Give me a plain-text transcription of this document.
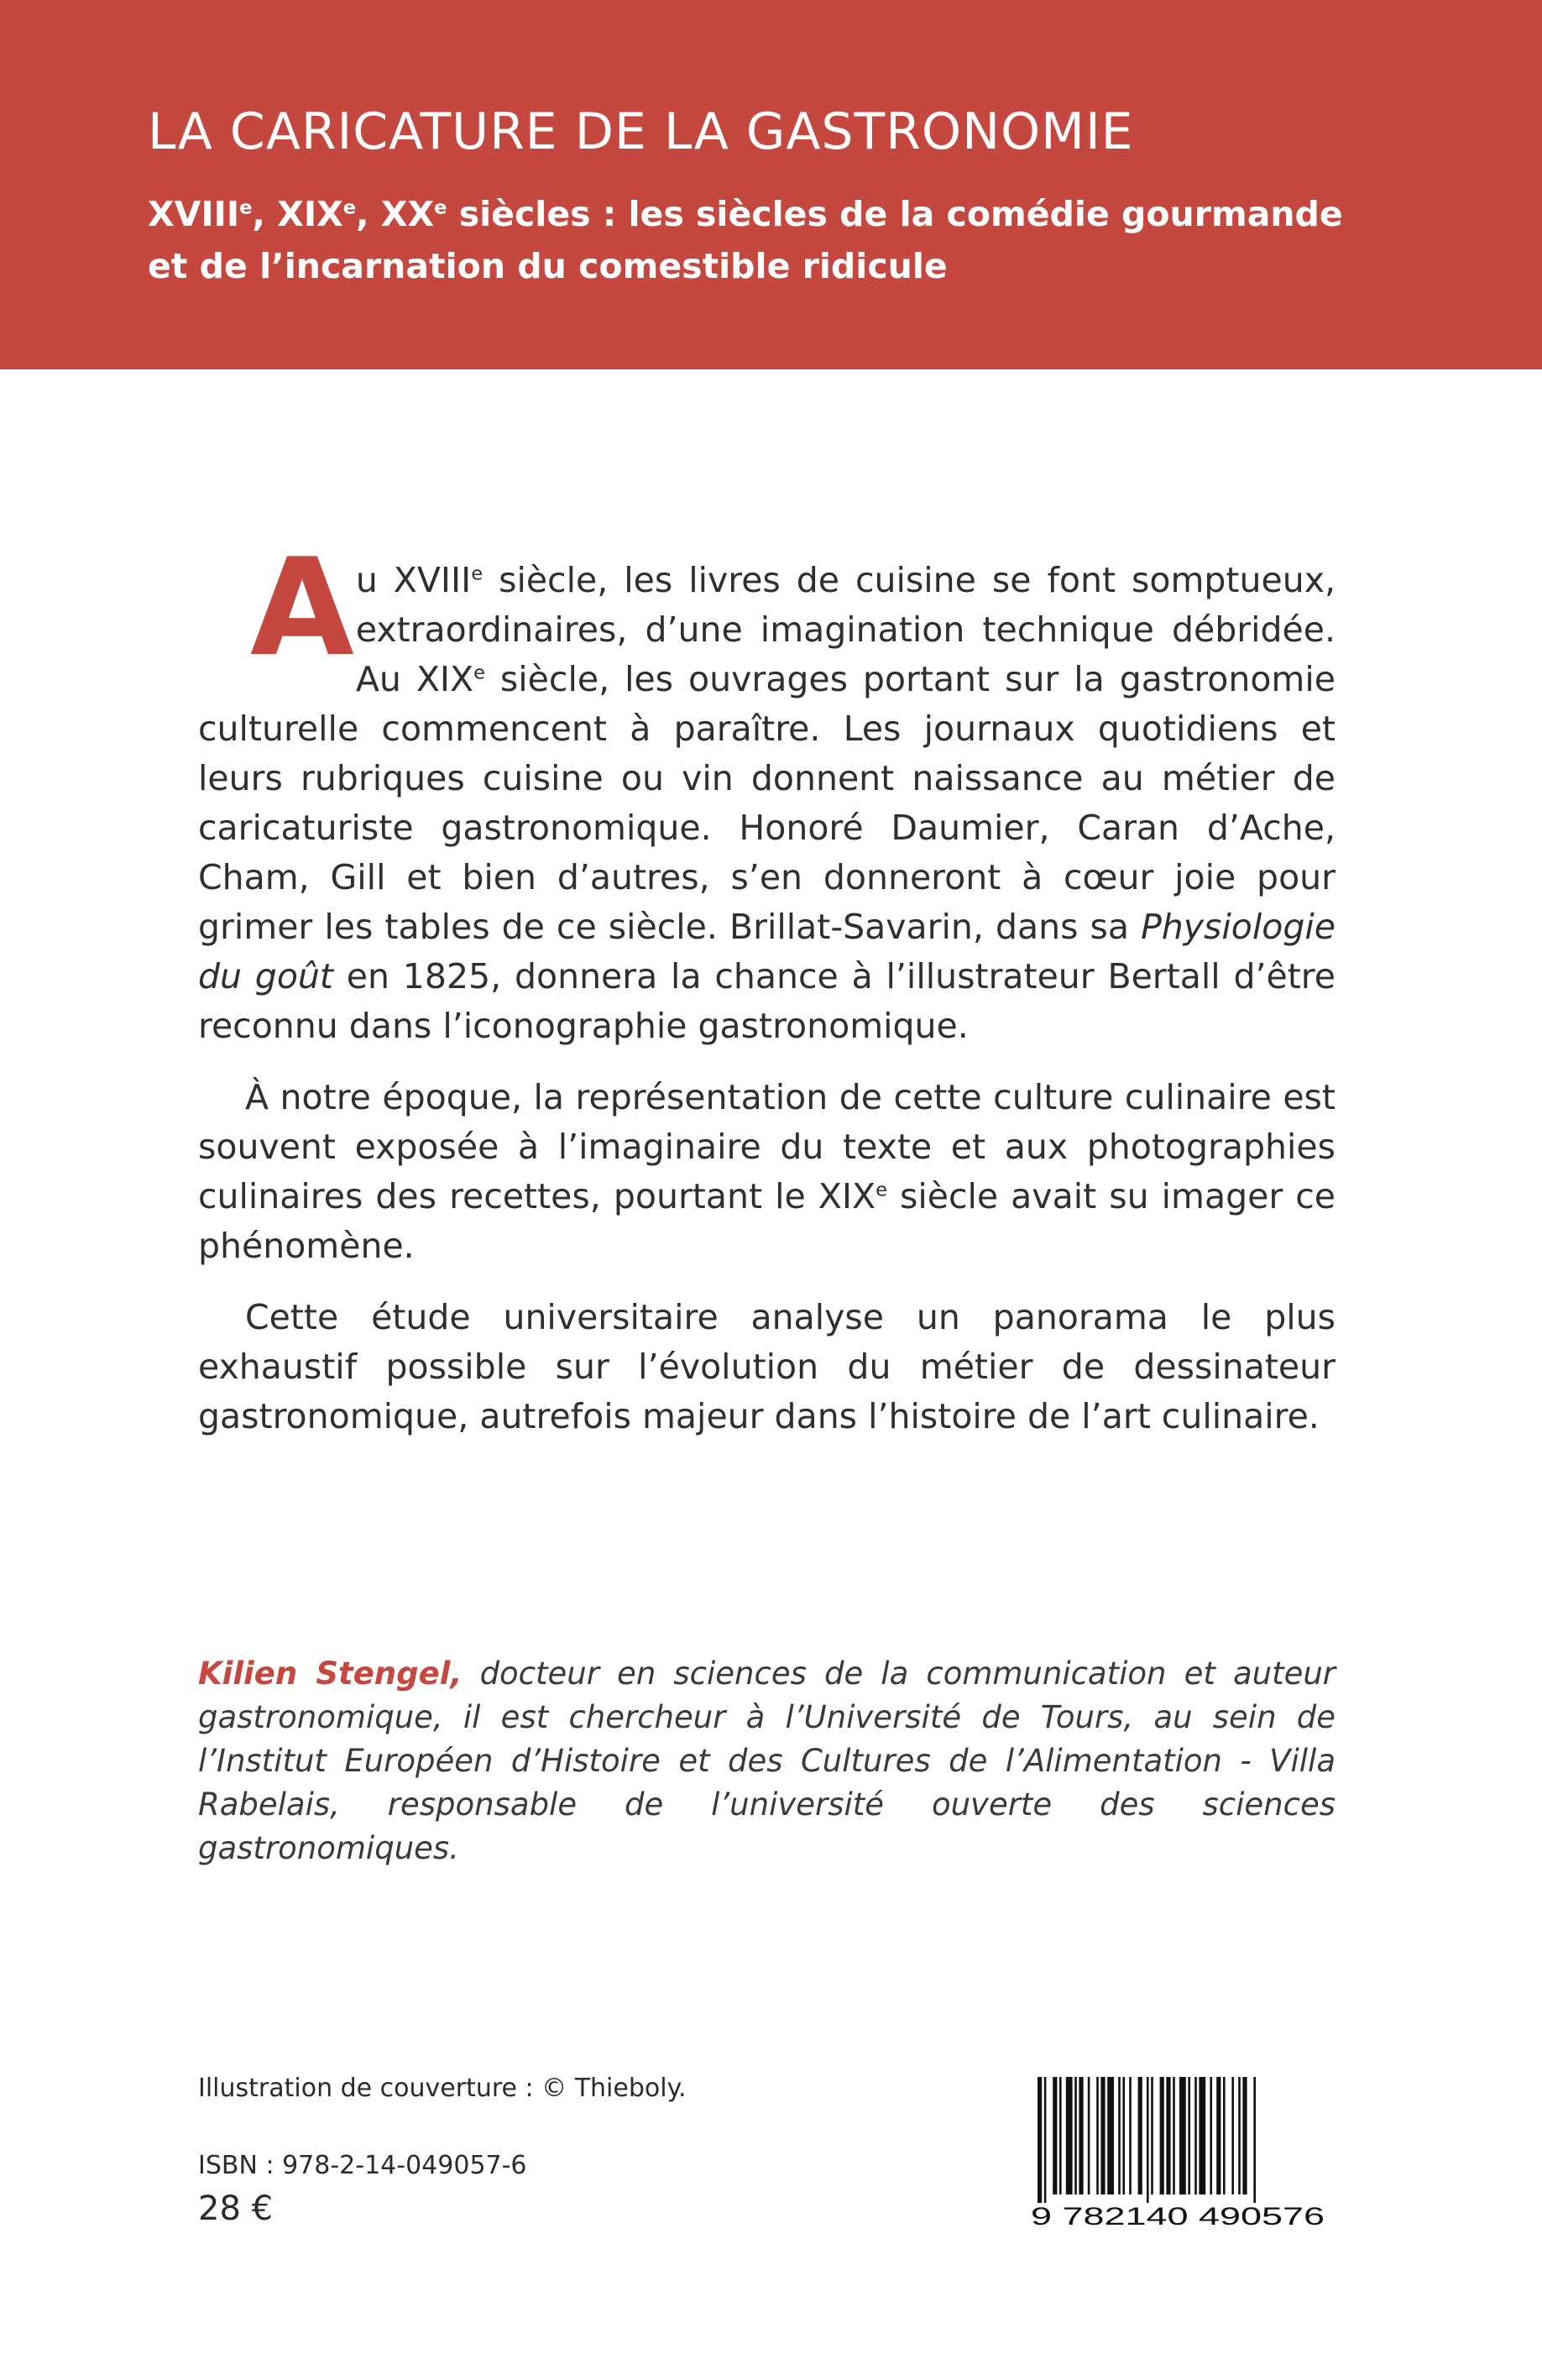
LA CARICATURE DE LA GASTRONOMIE
XVIIIe, XIXe, XXe siècles : les siècles de la comédie gourmande
et de l’incarnation du comestible ridicule

Au XVIIIe siècle, les livres de cuisine se font somptueux, extraordinaires, d’une imagination technique débridée. Au XIXe siècle, les ouvrages portant sur la gastronomie culturelle commencent à paraître. Les journaux quotidiens et leurs rubriques cuisine ou vin donnent naissance au métier de caricaturiste gastronomique. Honoré Daumier, Caran d’Ache, Cham, Gill et bien d’autres, s’en donneront à cœur joie pour grimer les tables de ce siècle. Brillat-Savarin, dans sa Physiologie du goût en 1825, donnera la chance à l’illustrateur Bertall d’être reconnu dans l’iconographie gastronomique.

À notre époque, la représentation de cette culture culinaire est souvent exposée à l’imaginaire du texte et aux photographies culinaires des recettes, pourtant le XIXe siècle avait su imager ce phénomène.

Cette étude universitaire analyse un panorama le plus exhaustif possible sur l’évolution du métier de dessinateur gastronomique, autrefois majeur dans l’histoire de l’art culinaire.

Kilien Stengel, docteur en sciences de la communication et auteur gastronomique, il est chercheur à l’Université de Tours, au sein de l’Institut Européen d’Histoire et des Cultures de l’Alimentation - Villa Rabelais, responsable de l’université ouverte des sciences gastronomiques.
Illustration de couverture : © Thieboly.
ISBN : 978-2-14-049057-6
28 €	9 782140 490576
